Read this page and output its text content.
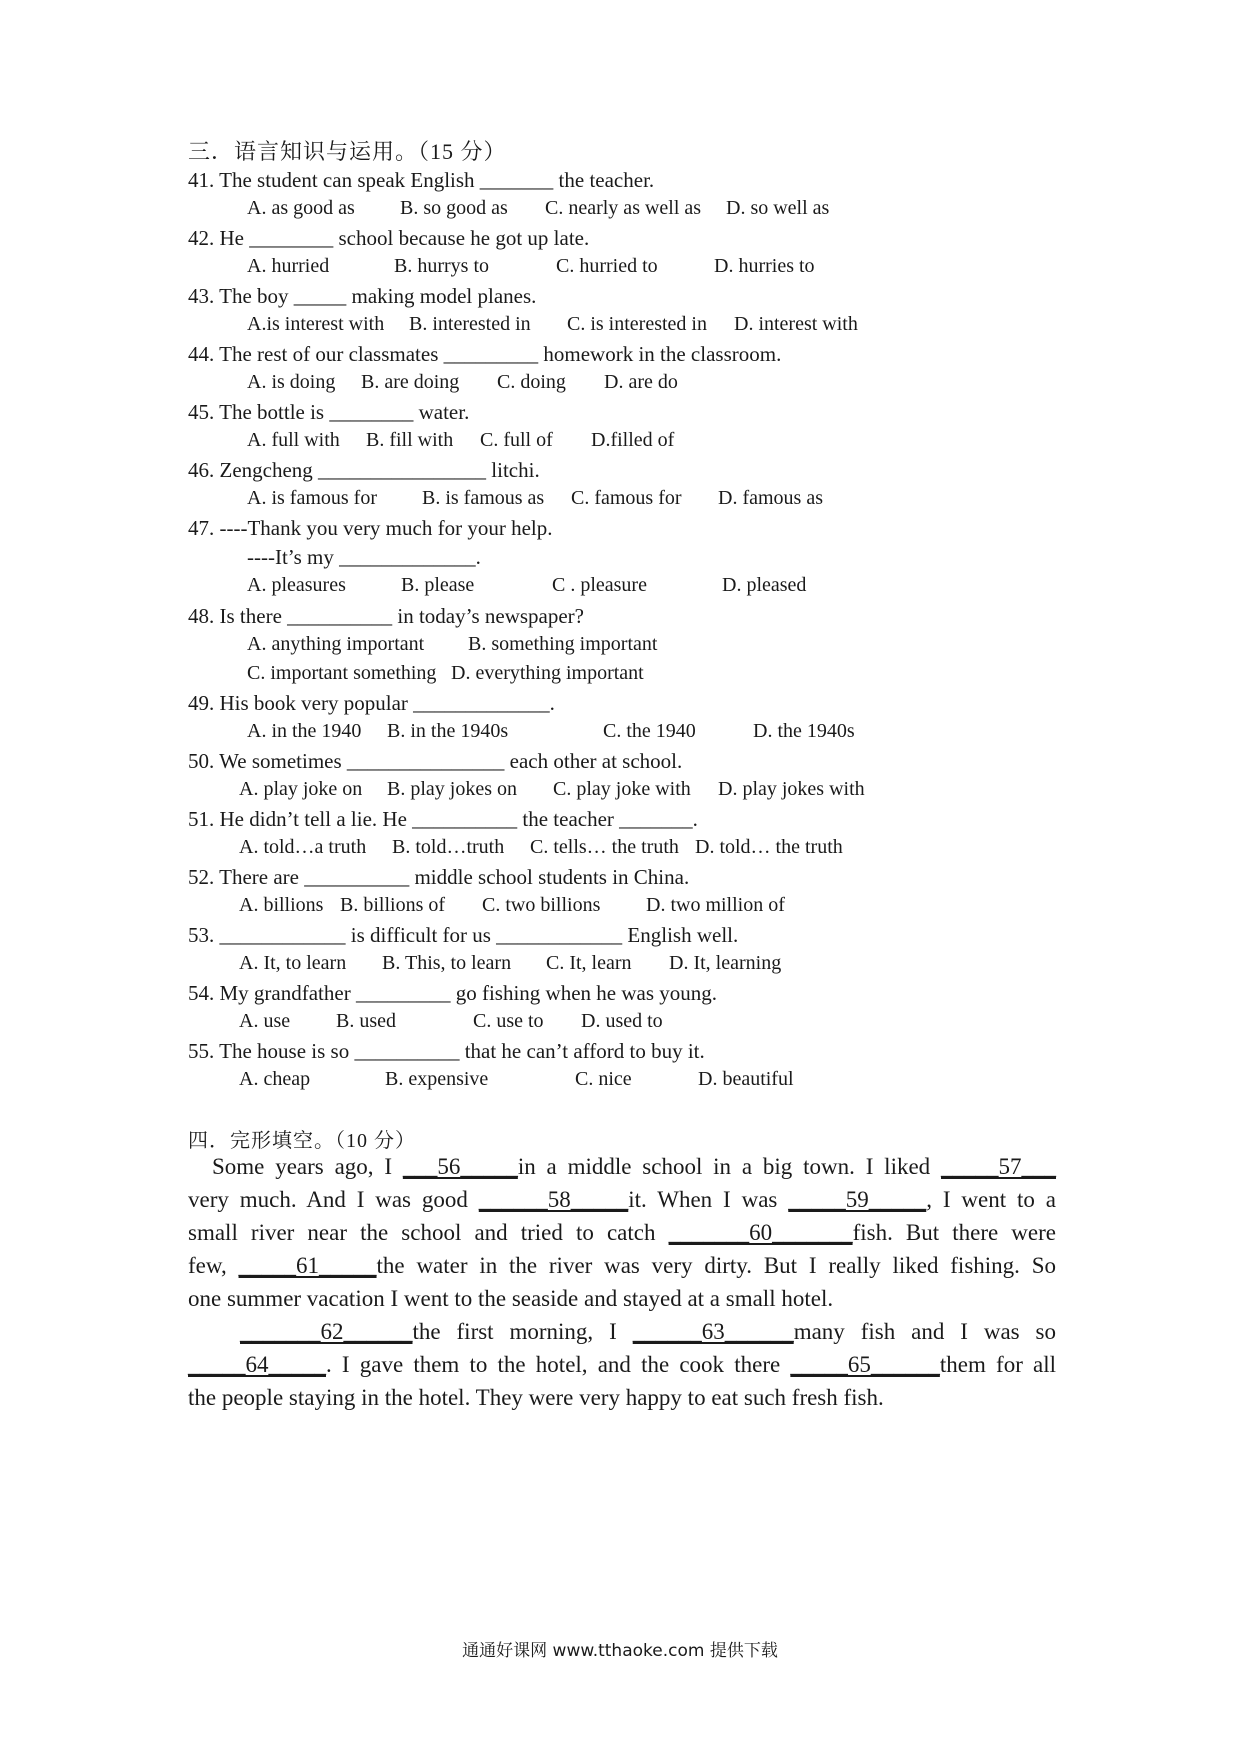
三．语言知识与运用。（15 分）
41. The student can speak English _______ the teacher.
A. as good as B. so good as C. nearly as well as D. so well as
42. He ________ school because he got up late.
A. hurried	B. hurrys to	C. hurried to	D. hurries to
43. The boy _____ making model planes.
A.is interest with B. interested in C. is interested in D. interest with
44. The rest of our classmates _________ homework in the classroom.
A. is doing B. are doing C. doing D. are do
45. The bottle is ________ water.
A. full with B. fill with C. full of D.filled of
46. Zengcheng ________________ litchi.
A. is famous for B. is famous as C. famous for D. famous as
47. ----Thank you very much for your help.
----It’s my _____________.
A. pleasures	B. please	C . pleasure	D. pleased
48. Is there __________ in today’s newspaper?
A. anything important B. something important
C. important something D. everything important
49. His book very popular _____________.
A. in the 1940 B. in the 1940s	C. the 1940	D. the 1940s
50. We sometimes _______________ each other at school.
A. play joke on B. play jokes on C. play joke with D. play jokes with
51. He didn’t tell a lie. He __________ the teacher _______.
A. told…a truth B. told…truth C. tells… the truth D. told… the truth
52. There are __________ middle school students in China.
A. billions B. billions of C. two billions D. two million of
53. ____________ is difficult for us ____________ English well.
A. It, to learn B. This, to learn C. It, learn D. It, learning
54. My grandfather _________ go fishing when he was young.
A. use B. used	C. use to D. used to
55. The house is so __________ that he can’t afford to buy it.
A. cheap	B. expensive	C. nice	D. beautiful
四．完形填空。（10 分）

Some years ago, I ___56_____in a middle school in a big town. I liked _____57___

very much. And I was good ______58_____it. When I was _____59_____, I went to a

small river near the school and tried to catch _______60_______fish. But there were

few, _____61_____the water in the river was very dirty. But I really liked fishing. So

one summer vacation I went to the seaside and stayed at a small hotel.

_______62______the first morning, I ______63______many fish and I was so

_____64_____. I gave them to the hotel, and the cook there _____65______them for all

the people staying in the hotel. They were very happy to eat such fresh fish.

通通好课网 www.tthaoke.com 提供下载
